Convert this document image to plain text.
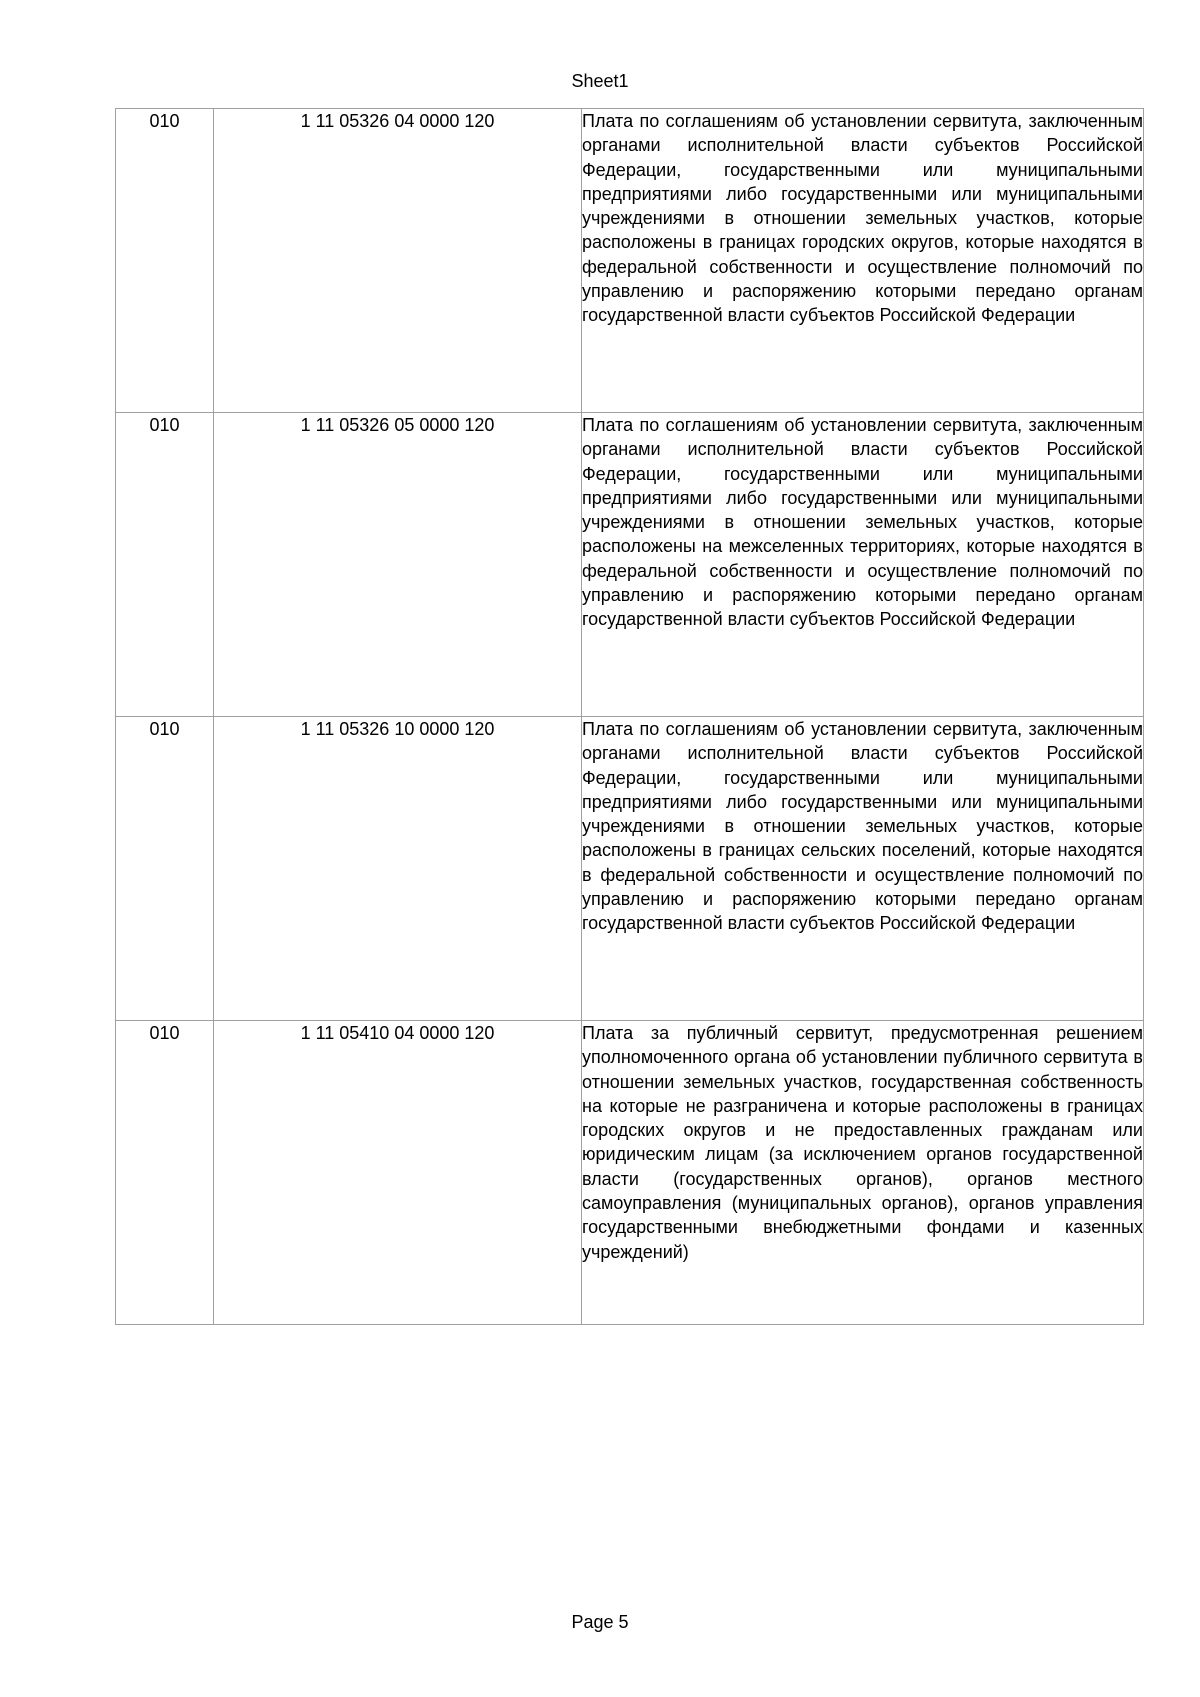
Sheet1
010	1 11 05326 04 0000 120	Плата по соглашениям об установлении сервитута, заключенным органами исполнительной власти субъектов Российской Федерации, государственными или муниципальными предприятиями либо государственными или муниципальными учреждениями в отношении земельных участков, которые расположены в границах городских округов, которые находятся в федеральной собственности и осуществление полномочий по управлению и распоряжению которыми передано органам государственной власти субъектов Российской Федерации
010	1 11 05326 05 0000 120	Плата по соглашениям об установлении сервитута, заключенным органами исполнительной власти субъектов Российской Федерации, государственными или муниципальными предприятиями либо государственными или муниципальными учреждениями в отношении земельных участков, которые расположены на межселенных территориях, которые находятся в федеральной собственности и осуществление полномочий по управлению и распоряжению которыми передано органам государственной власти субъектов Российской Федерации
010	1 11 05326 10 0000 120	Плата по соглашениям об установлении сервитута, заключенным органами исполнительной власти субъектов Российской Федерации, государственными или муниципальными предприятиями либо государственными или муниципальными учреждениями в отношении земельных участков, которые расположены в границах сельских поселений, которые находятся в федеральной собственности и осуществление полномочий по управлению и распоряжению которыми передано органам государственной власти субъектов Российской Федерации
010	1 11 05410 04 0000 120	Плата за публичный сервитут, предусмотренная решением уполномоченного органа об установлении публичного сервитута в отношении земельных участков, государственная собственность на которые не разграничена и которые расположены в границах городских округов и не предоставленных гражданам или юридическим лицам (за исключением органов государственной власти (государственных органов), органов местного самоуправления (муниципальных органов), органов управления государственными внебюджетными фондами и казенных учреждений)
Page 5
